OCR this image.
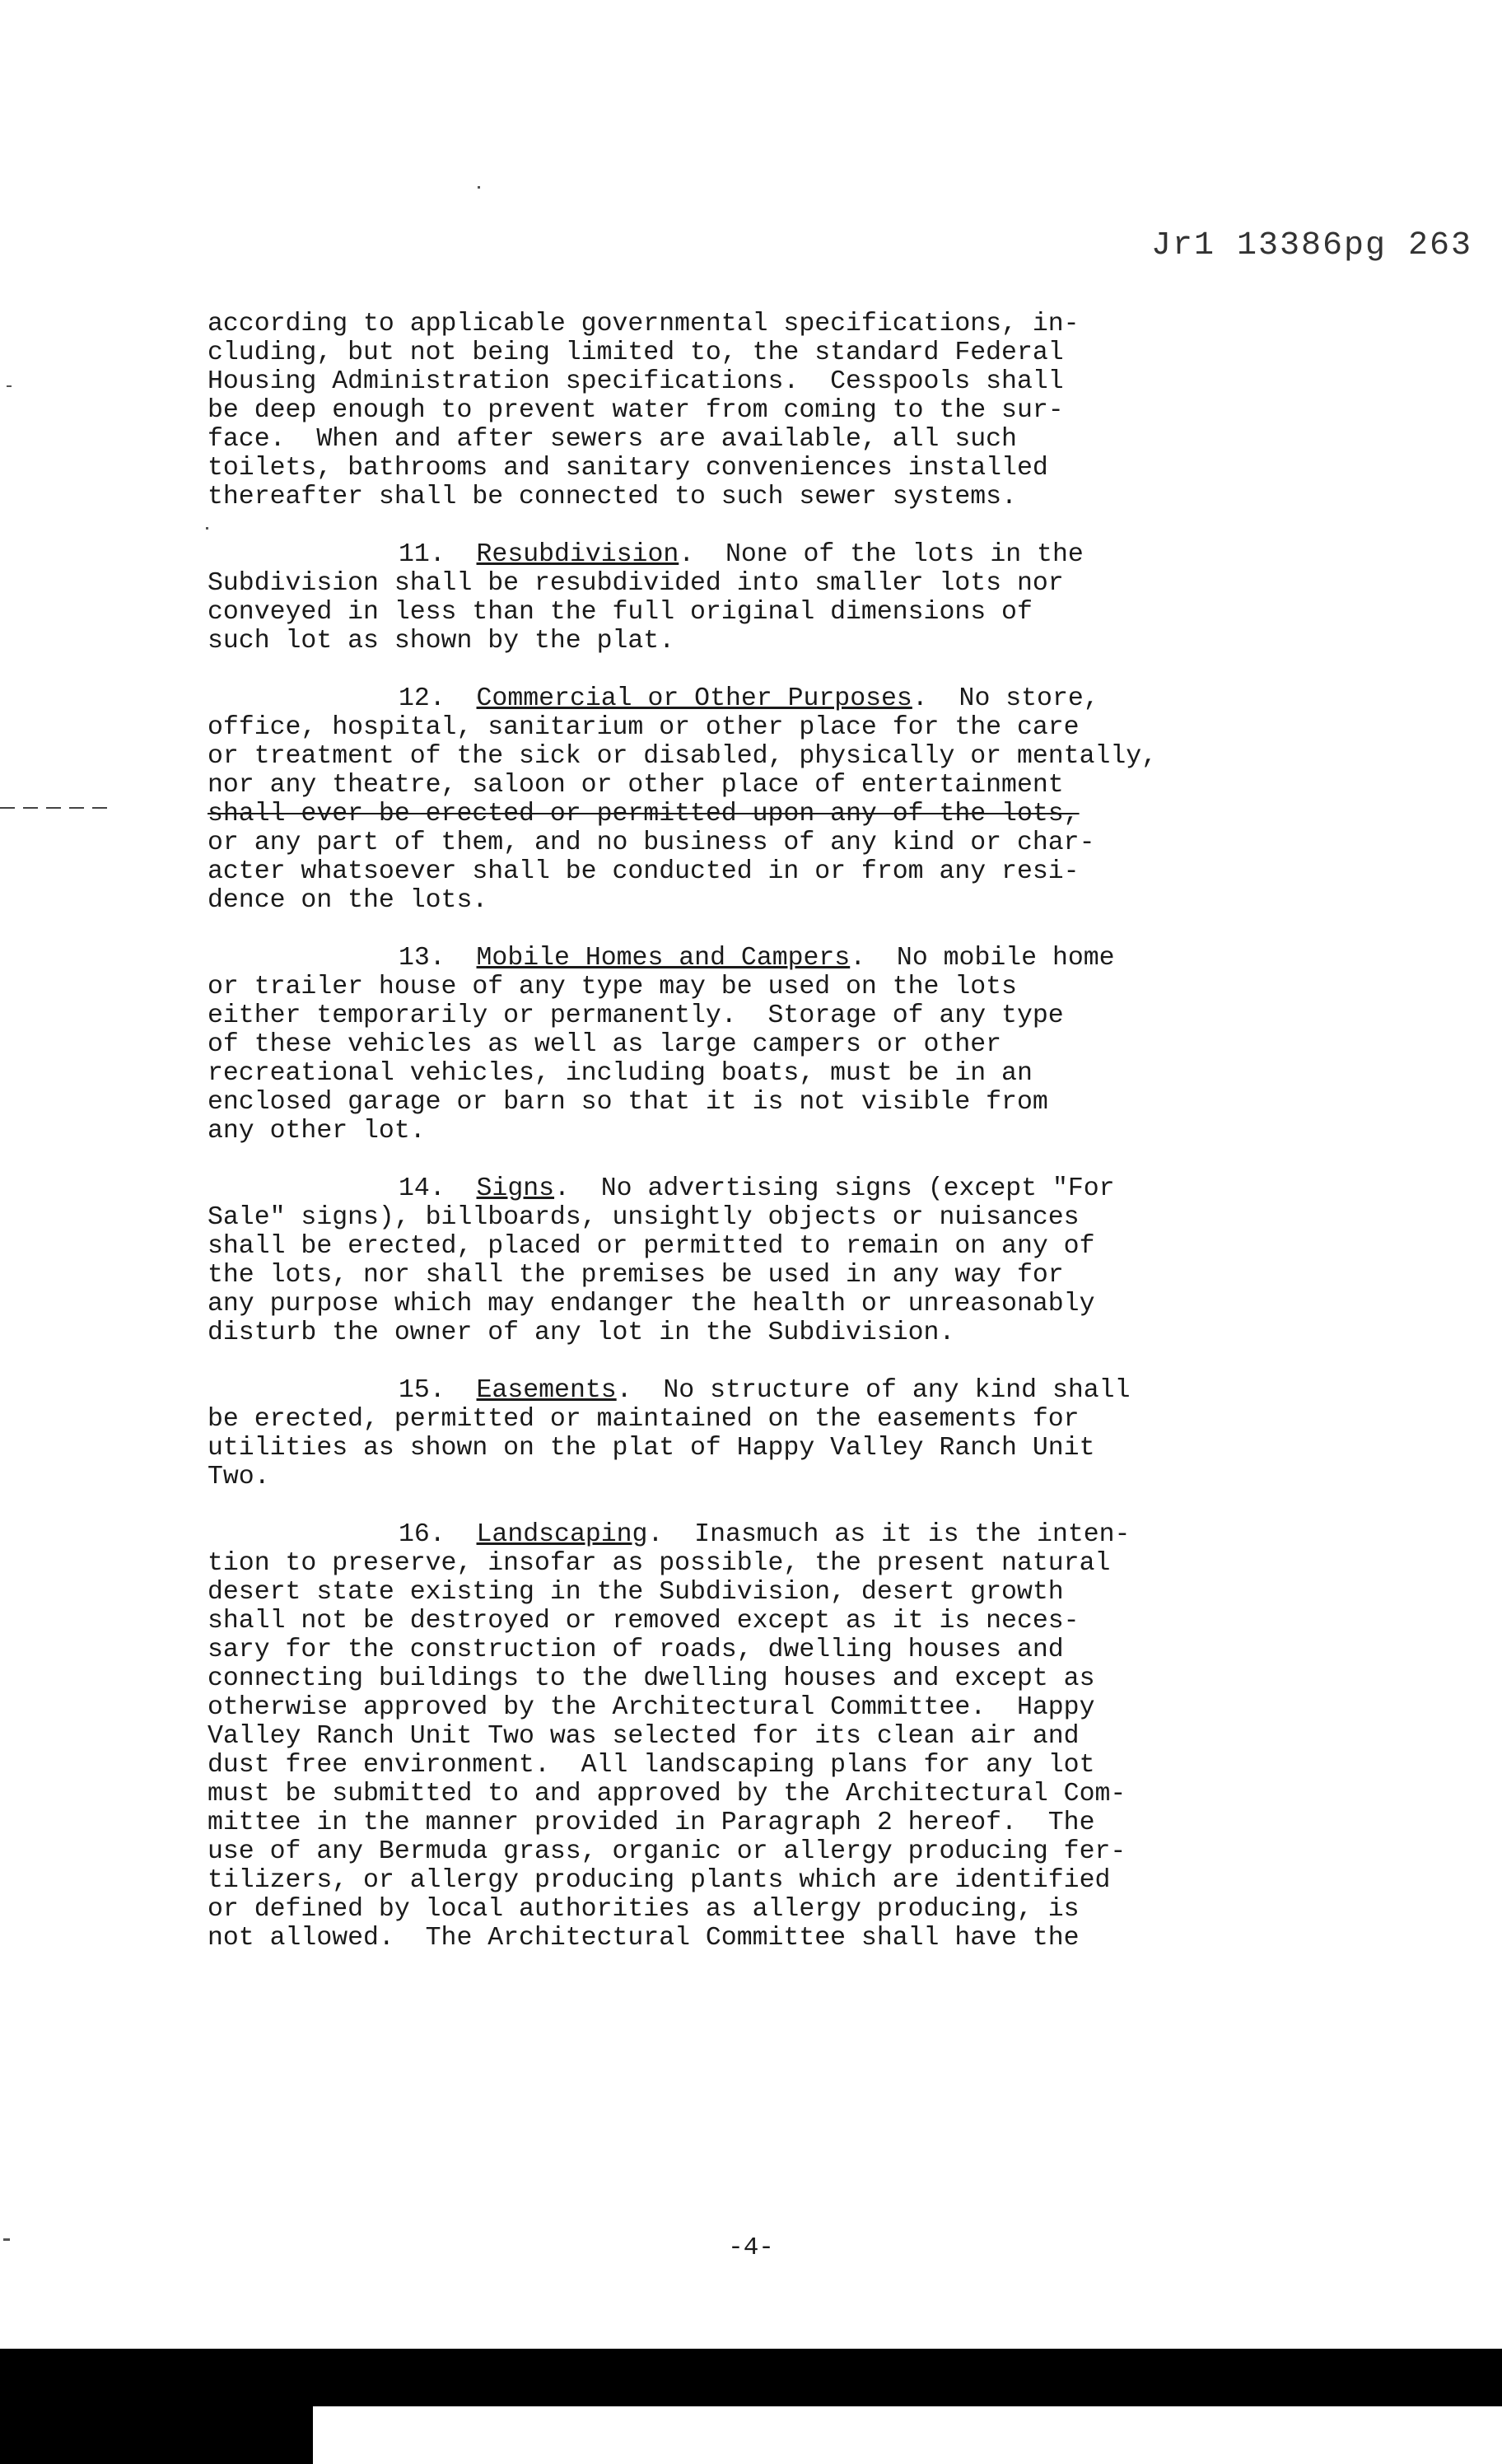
Jr1 13386pg 263
according to applicable governmental specifications, in-
cluding, but not being limited to, the standard Federal
Housing Administration specifications.  Cesspools shall
be deep enough to prevent water from coming to the sur-
face.  When and after sewers are available, all such
toilets, bathrooms and sanitary conveniences installed
thereafter shall be connected to such sewer systems.
11. Resubdivision.  None of the lots in the
Subdivision shall be resubdivided into smaller lots nor
conveyed in less than the full original dimensions of
such lot as shown by the plat.
12. Commercial or Other Purposes.  No store,
office, hospital, sanitarium or other place for the care
or treatment of the sick or disabled, physically or mentally,
nor any theatre, saloon or other place of entertainment
shall ever be erected or permitted upon any of the lots,
or any part of them, and no business of any kind or char-
acter whatsoever shall be conducted in or from any resi-
dence on the lots.
13. Mobile Homes and Campers.  No mobile home
or trailer house of any type may be used on the lots
either temporarily or permanently.  Storage of any type
of these vehicles as well as large campers or other
recreational vehicles, including boats, must be in an
enclosed garage or barn so that it is not visible from
any other lot.
14. Signs.  No advertising signs (except "For
Sale" signs), billboards, unsightly objects or nuisances
shall be erected, placed or permitted to remain on any of
the lots, nor shall the premises be used in any way for
any purpose which may endanger the health or unreasonably
disturb the owner of any lot in the Subdivision.
15. Easements.  No structure of any kind shall
be erected, permitted or maintained on the easements for
utilities as shown on the plat of Happy Valley Ranch Unit
Two.
16. Landscaping.  Inasmuch as it is the inten-
tion to preserve, insofar as possible, the present natural
desert state existing in the Subdivision, desert growth
shall not be destroyed or removed except as it is neces-
sary for the construction of roads, dwelling houses and
connecting buildings to the dwelling houses and except as
otherwise approved by the Architectural Committee.  Happy
Valley Ranch Unit Two was selected for its clean air and
dust free environment.  All landscaping plans for any lot
must be submitted to and approved by the Architectural Com-
mittee in the manner provided in Paragraph 2 hereof.  The
use of any Bermuda grass, organic or allergy producing fer-
tilizers, or allergy producing plants which are identified
or defined by local authorities as allergy producing, is
not allowed.  The Architectural Committee shall have the
-4-
